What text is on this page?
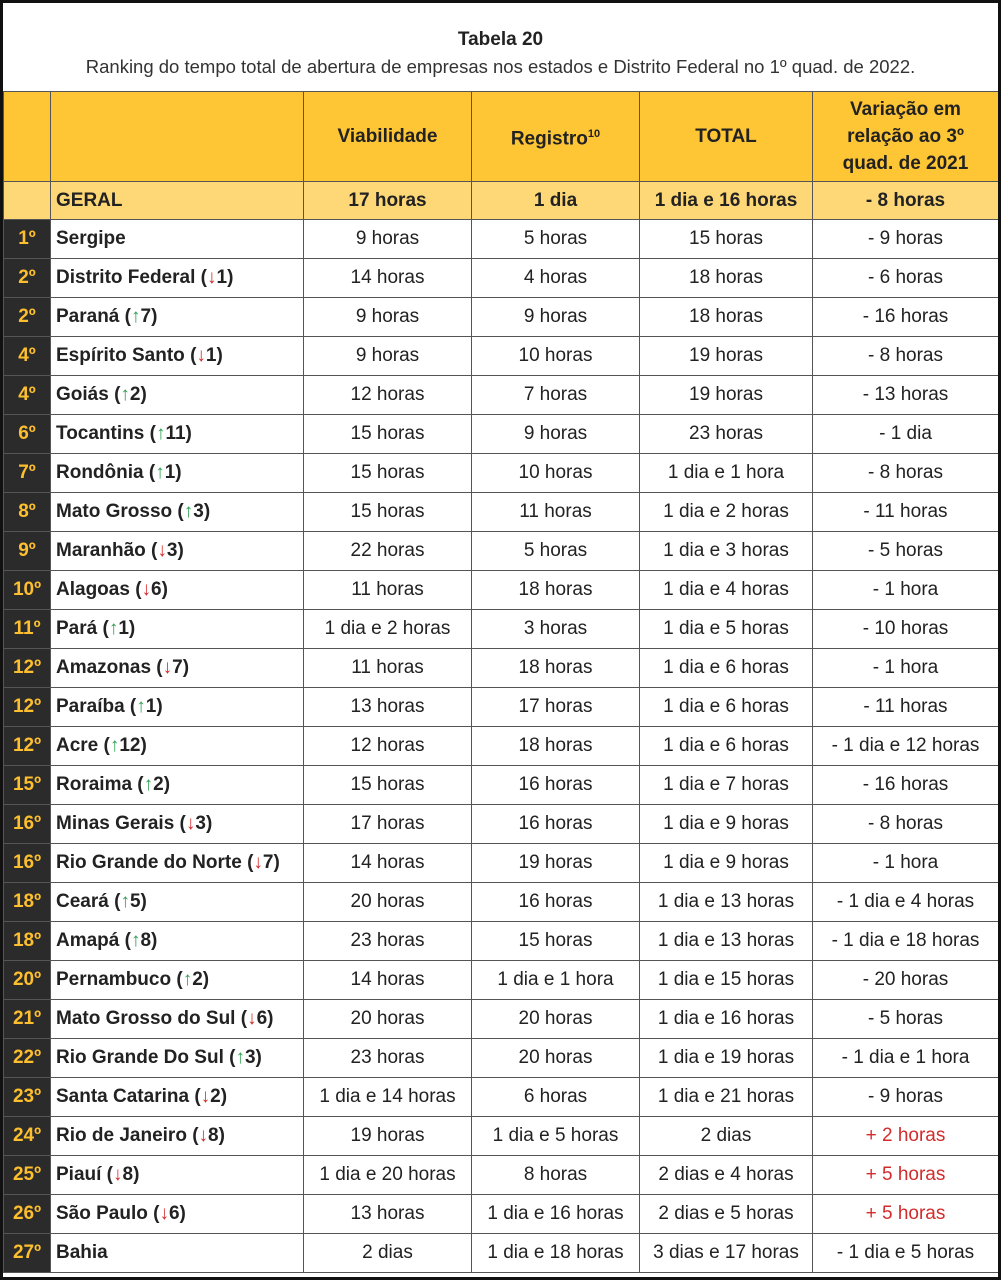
Tabela 20
Ranking do tempo total de abertura de empresas nos estados e Distrito Federal no 1º quad. de 2022.
		Viabilidade	Registro$^{10}$	TOTAL	Variação em relação ao 3º quad. de 2021
	GERAL	17 horas	1 dia	1 dia e 16 horas	- 8 horas
1º	Sergipe	9 horas	5 horas	15 horas	- 9 horas
2º	Distrito Federal (↓1)	14 horas	4 horas	18 horas	- 6 horas
2º	Paraná (↑7)	9 horas	9 horas	18 horas	- 16 horas
4º	Espírito Santo (↓1)	9 horas	10 horas	19 horas	- 8 horas
4º	Goiás (↑2)	12 horas	7 horas	19 horas	- 13 horas
6º	Tocantins (↑11)	15 horas	9 horas	23 horas	- 1 dia
7º	Rondônia (↑1)	15 horas	10 horas	1 dia e 1 hora	- 8 horas
8º	Mato Grosso (↑3)	15 horas	11 horas	1 dia e 2 horas	- 11 horas
9º	Maranhão (↓3)	22 horas	5 horas	1 dia e 3 horas	- 5 horas
10º	Alagoas (↓6)	11 horas	18 horas	1 dia e 4 horas	- 1 hora
11º	Pará (↑1)	1 dia e 2 horas	3 horas	1 dia e 5 horas	- 10 horas
12º	Amazonas (↓7)	11 horas	18 horas	1 dia e 6 horas	- 1 hora
12º	Paraíba (↑1)	13 horas	17 horas	1 dia e 6 horas	- 11 horas
12º	Acre (↑12)	12 horas	18 horas	1 dia e 6 horas	- 1 dia e 12 horas
15º	Roraima (↑2)	15 horas	16 horas	1 dia e 7 horas	- 16 horas
16º	Minas Gerais (↓3)	17 horas	16 horas	1 dia e 9 horas	- 8 horas
16º	Rio Grande do Norte (↓7)	14 horas	19 horas	1 dia e 9 horas	- 1 hora
18º	Ceará (↑5)	20 horas	16 horas	1 dia e 13 horas	- 1 dia e 4 horas
18º	Amapá (↑8)	23 horas	15 horas	1 dia e 13 horas	- 1 dia e 18 horas
20º	Pernambuco (↑2)	14 horas	1 dia e 1 hora	1 dia e 15 horas	- 20 horas
21º	Mato Grosso do Sul (↓6)	20 horas	20 horas	1 dia e 16 horas	- 5 horas
22º	Rio Grande Do Sul (↑3)	23 horas	20 horas	1 dia e 19 horas	- 1 dia e 1 hora
23º	Santa Catarina (↓2)	1 dia e 14 horas	6 horas	1 dia e 21 horas	- 9 horas
24º	Rio de Janeiro (↓8)	19 horas	1 dia e 5 horas	2 dias	+ 2 horas
25º	Piauí (↓8)	1 dia e 20 horas	8 horas	2 dias e 4 horas	+ 5 horas
26º	São Paulo (↓6)	13 horas	1 dia e 16 horas	2 dias e 5 horas	+ 5 horas
27º	Bahia	2 dias	1 dia e 18 horas	3 dias e 17 horas	- 1 dia e 5 horas
